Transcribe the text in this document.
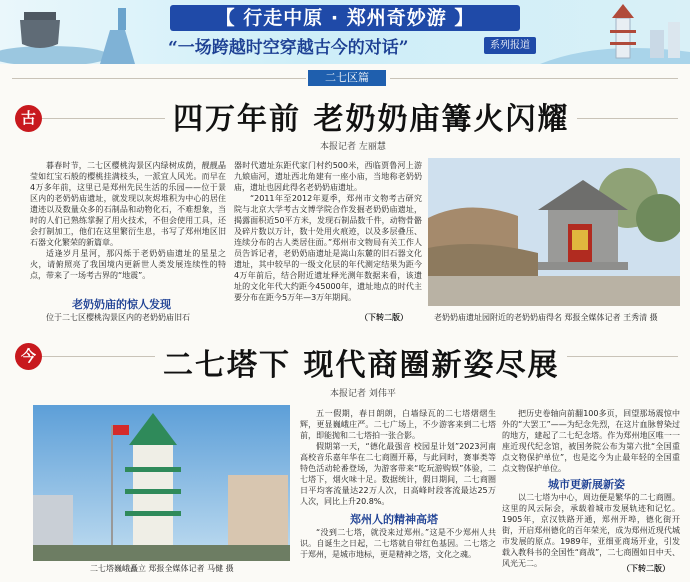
【 行走中原 · 郑州奇妙游 】
“一场跨越时空穿越古今的对话”	系列报道
二七区篇
古	四万年前 老奶奶庙篝火闪耀
本报记者 左丽慧

暮春时节，二七区樱桃沟景区内绿树成荫，靓靓晶莹如红宝石般的樱桃挂满枝头，一派宜人风光。而早在4万多年前，这里已是郑州先民生活的乐园——位于景区内的老奶奶庙遗址，就发现以灰烬堆积为中心的居住遗迹以及数量众多的石制品和动物化石，不难想象，当时的人们已熟练掌握了用火技术，不但会使用工具，还会打制加工，他们在这里繁衍生息，书写了郑州地区旧石器文化繁荣的新篇章。

适逢岁月星河，那闪烁于老奶奶庙遗址的星星之火，请俯照亮了我国境内更新世人类发展连续性的特点，带来了一场考古界的“地震”。

老奶奶庙的惊人发现

位于二七区樱桃沟景区内的老奶奶庙旧石

器时代遗址东距代家门村约500米，西临贾鲁河上游九娘庙河，遗址西北角建有一座小庙，当地称老奶奶庙，遗址也因此得名老奶奶庙遗址。

“2011年至2012年夏季，郑州市文物考古研究院与北京大学考古文博学院合作发掘老奶奶庙遗址，揭露面积近50平方米，发现石制品数千件，动物骨骼及碎片数以万计，数十处用火痕迹，以及多层叠压、连续分布的古人类居住面。”郑州市文物局有关工作人员告诉记者，老奶奶庙遗址是嵩山东麓的旧石器文化遗址，其中较早的一级文化层的年代测定结果为距今4万年前后，结合附近遗址释光测年数据来看，该遗址的文化年代大约距今45000年，遗址地点的时代主要分布在距今5万年—3万年期间。

（下转二版）	老奶奶庙遗址园附近的老奶奶庙得名 郑报全媒体记者 王秀清 摄
今	二七塔下 现代商圈新姿尽展
本报记者 刘伟平
二七塔巍峨矗立 郑报全媒体记者 马健 摄

五一假期，春日朗朗，白墙绿瓦的二七塔熠熠生辉，更显巍峨庄严。二七广场上，不少游客来到二七塔前，即能抛和二七塔拍一张合影。

假期第一天，“德化最强音 校园星计划”2023河南高校音乐嘉年华在二七商圈开幕，与此同时，赛事类等特色活动轮番登场，为游客带来“吃玩游购娱”体验，二七塔下，烟火味十足。数据统计，假日期间，二七商圈日平均客流量达22万人次，日高峰时段客流最达25万人次，同比上升20.8%。

郑州人的精神高塔

“没到二七塔，就没来过郑州。”这是不少郑州人共识。自诞生之日起，二七塔就自带红色基因。二七塔之于郑州，是城市地标，更是精神之塔，文化之魂。

把历史卷轴向前翻100多页，回望那场震惊中外的“大罢工”——为纪念先烈，在这片血脉曾染过的地方，建起了二七纪念塔。作为郑州地区唯一一座近现代纪念馆，被国务院公布为第六批“全国重点文物保护单位”，也是迄今为止最年轻的全国重点文物保护单位。

城市更新展新姿

以二七塔为中心，周边便是繁华的二七商圈。这里的风云际会，承载着城市发展轨迹和记忆。1905年，京汉铁路开通，郑州开埠，德化街开街，开启郑州德化的百年荣光，成为郑州近现代城市发展的原点。1989年，亚细亚商场开业，引发载入教科书的全国性“商战”，二七商圈如日中天、风光无二。

（下转二版）
